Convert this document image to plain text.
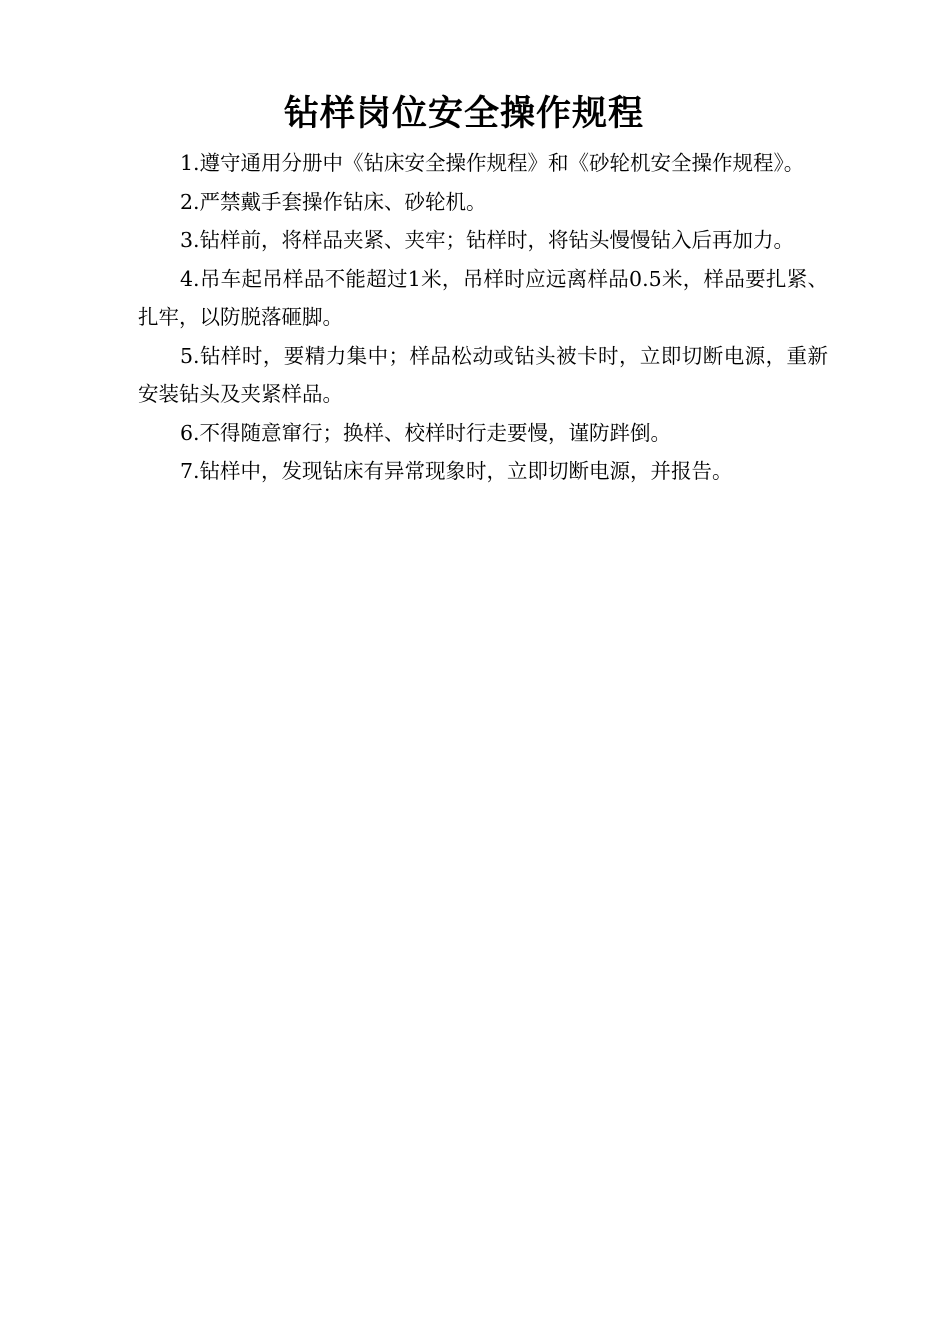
钻样岗位安全操作规程

1.遵守通用分册中《钻床安全操作规程》和《砂轮机安全操作规程》。

2.严禁戴手套操作钻床、砂轮机。

3.钻样前，将样品夹紧、夹牢；钻样时，将钻头慢慢钻入后再加力。

4.吊车起吊样品不能超过1米，吊样时应远离样品0.5米，样品要扎紧、扎牢，以防脱落砸脚。

5.钻样时，要精力集中；样品松动或钻头被卡时，立即切断电源，重新安装钻头及夹紧样品。

6.不得随意窜行；换样、校样时行走要慢，谨防跘倒。

7.钻样中，发现钻床有异常现象时，立即切断电源，并报告。
